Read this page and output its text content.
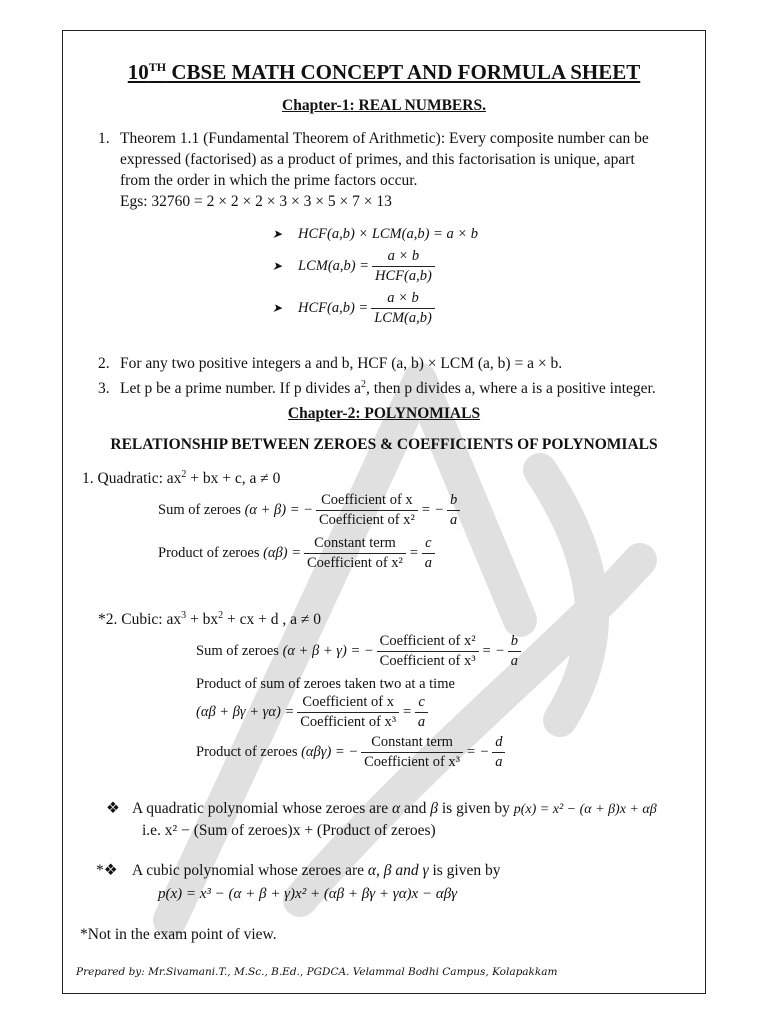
10TH CBSE MATH CONCEPT AND FORMULA SHEET
Chapter-1: REAL NUMBERS.
1. Theorem 1.1 (Fundamental Theorem of Arithmetic): Every composite number can be
expressed (factorised) as a product of primes, and this factorisation is unique, apart
from the order in which the prime factors occur.
Egs: 32760 = 2 × 2 × 2 × 3 × 3 × 5 × 7 × 13
➤ HCF(a,b) × LCM(a,b) = a × b
➤	$LCM(a,b) = \frac{a \times b}{\text{HCF(a,b)}}$
➤	$HCF(a,b) = \frac{a \times b}{\text{LCM(a,b)}}$
2. For any two positive integers a and b, HCF (a, b) × LCM (a, b) = a × b.
3. Let p be a prime number. If p divides $a^2$, then p divides a, where a is a positive integer.
Chapter-2: POLYNOMIALS
RELATIONSHIP BETWEEN ZEROES & COEFFICIENTS OF POLYNOMIALS
1. Quadratic: $ax^2$ + bx + c, a ≠ 0
Sum of zeroes
(α + β) = − $\frac{\text{Coefficient of x}}{\text{Coefficient of x²}}$ = − $\frac{b}{a}$
Product of zeroes
$(\alpha\beta) = \frac{\text{Constant term}}{\text{Coefficient of x²}} = \frac{c}{a}$
*2. Cubic: $ax^3 + bx^2$ + cx + d , a ≠ 0
Sum of zeroes
(α + β + γ) = − $\frac{\text{Coefficient of x²}}{\text{Coefficient of x³}}$ = − $\frac{b}{a}$
Product of sum of zeroes taken two at a time
$(\alpha\beta + \beta\gamma + \gamma\alpha) = \frac{\text{Coefficient of x}}{\text{Coefficient of x³}} = \frac{c}{a}$
Product of zeroes
(αβγ) = − $\frac{\text{Constant term}}{\text{Coefficient of x³}}$ = − $\frac{d}{a}$
❖ A quadratic polynomial whose zeroes are α and β is given by p(x) = x² − (α + β)x + αβ
i.e. x² − (Sum of zeroes)x + (Product of zeroes)
*❖ A cubic polynomial whose zeroes are α, β and γ is given by
p(x) = x³ − (α + β + γ)x² + (αβ + βγ + γα)x − αβγ
*Not in the exam point of view.
Prepared by: Mr.Sivamani.T., M.Sc., B.Ed., PGDCA. Velammal Bodhi Campus, Kolapakkam
